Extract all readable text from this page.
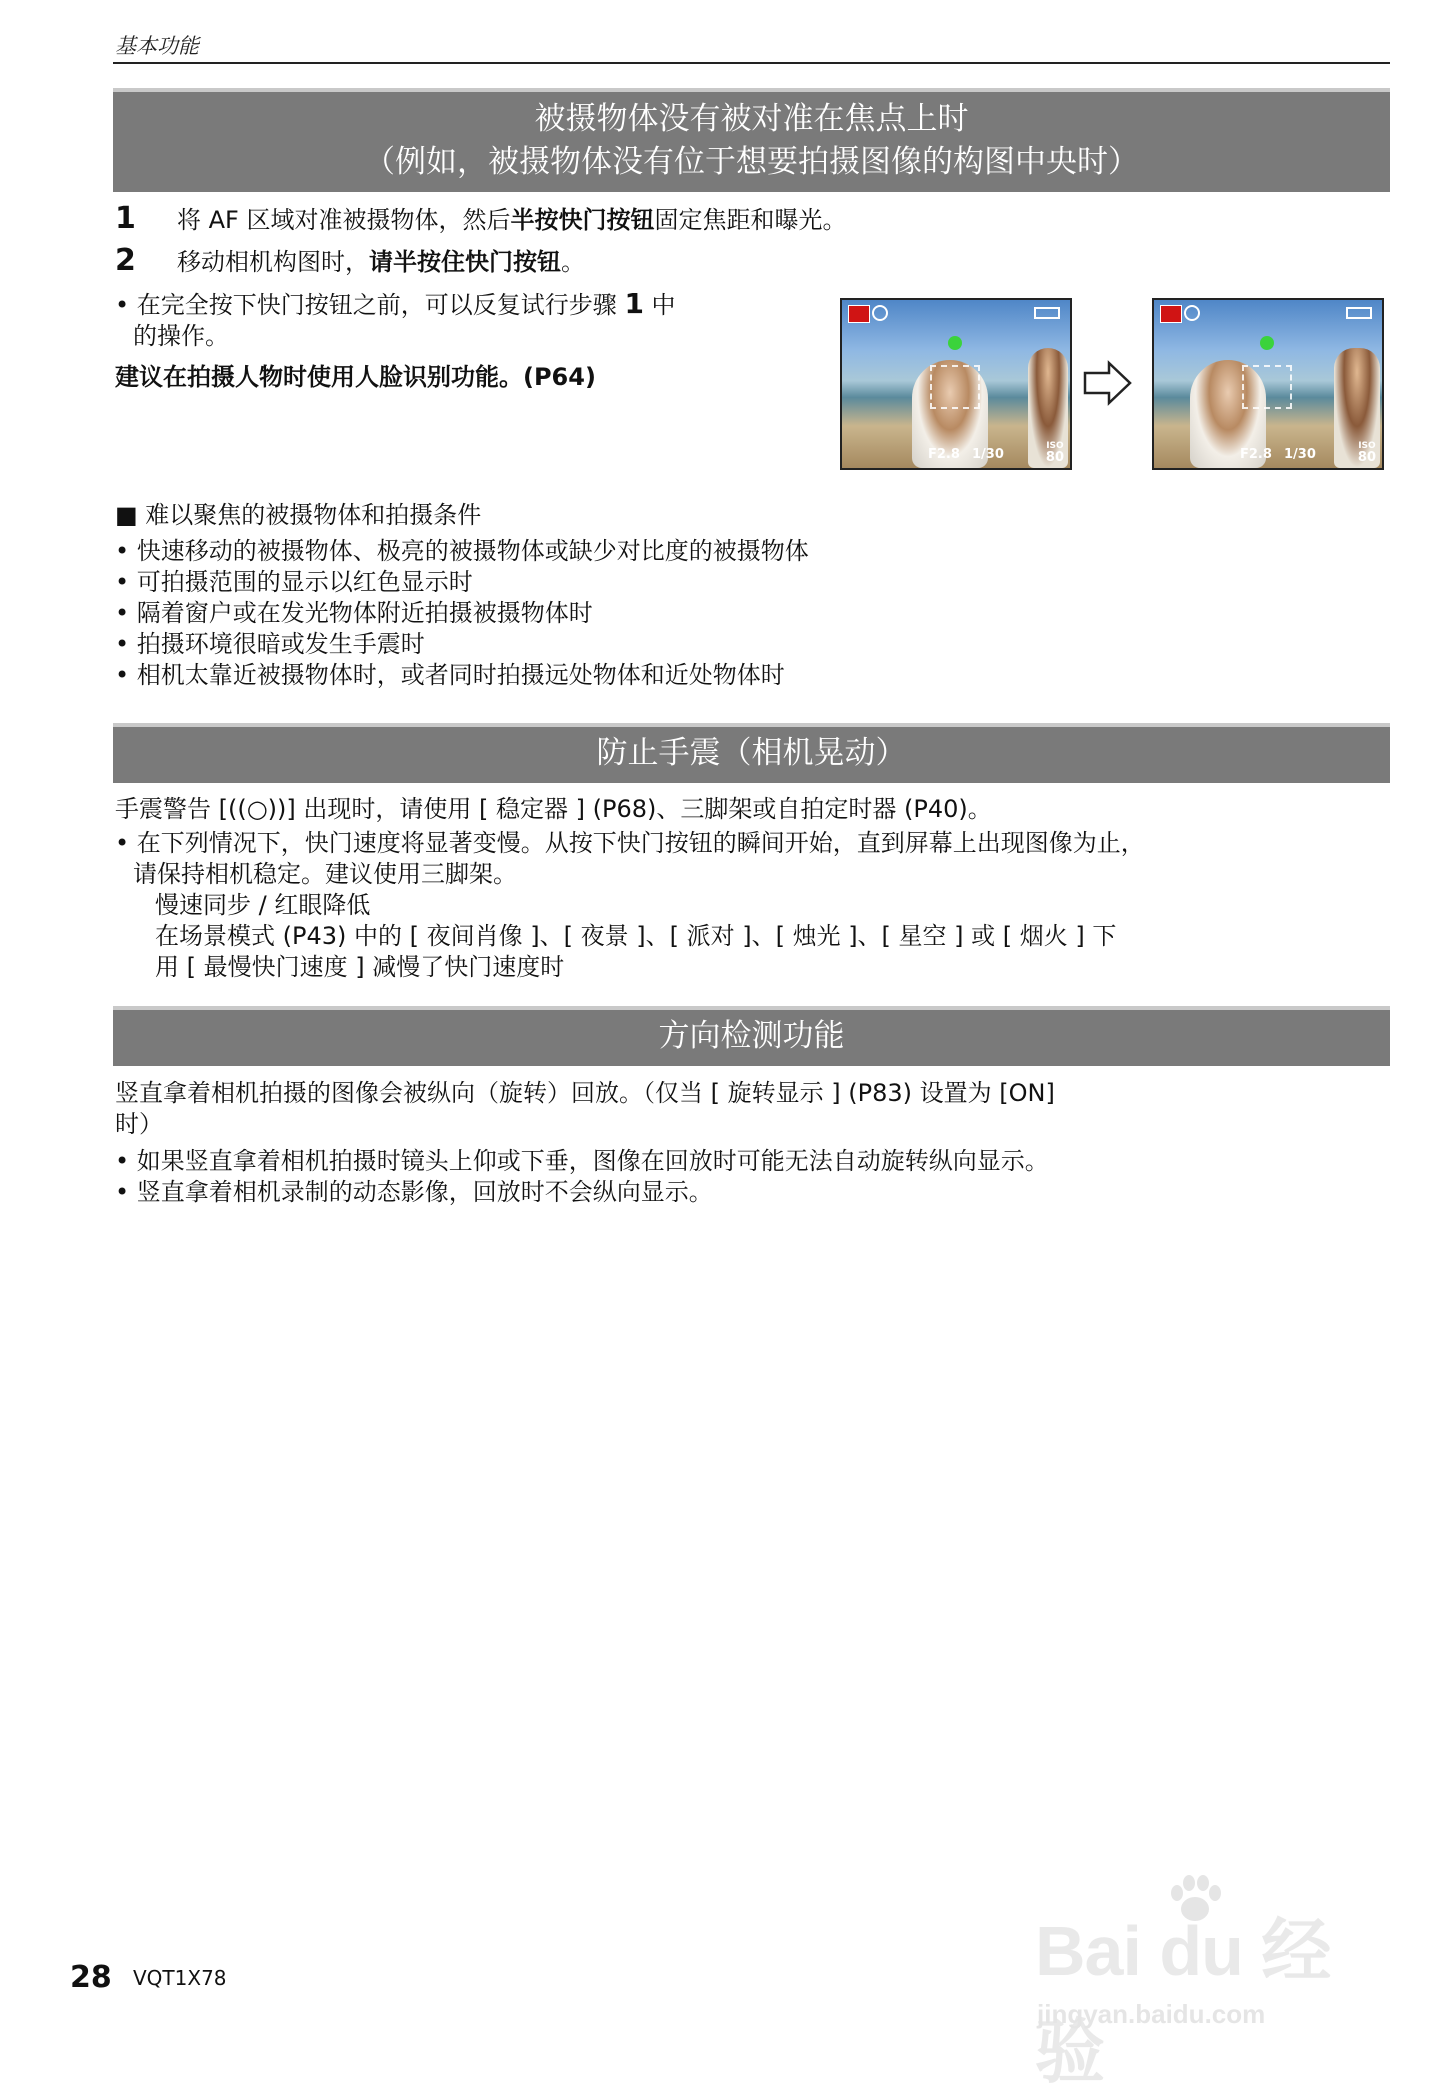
基本功能
被摄物体没有被对准在焦点上时
（例如，被摄物体没有位于想要拍摄图像的构图中央时）
1 将 AF 区域对准被摄物体，然后半按快门按钮固定焦距和曝光。
2 移动相机构图时，请半按住快门按钮。
• 在完全按下快门按钮之前，可以反复试行步骤 1 中
的操作。
建议在拍摄人物时使用人脸识别功能。(P64)
F2.8 1/30
ISO
80	F2.8 1/30
ISO
80
■ 难以聚焦的被摄物体和拍摄条件
• 快速移动的被摄物体、极亮的被摄物体或缺少对比度的被摄物体
• 可拍摄范围的显示以红色显示时
• 隔着窗户或在发光物体附近拍摄被摄物体时
• 拍摄环境很暗或发生手震时
• 相机太靠近被摄物体时，或者同时拍摄远处物体和近处物体时
防止手震（相机晃动）
手震警告 [((○))] 出现时，请使用 [ 稳定器 ] (P68)、三脚架或自拍定时器 (P40)。
• 在下列情况下，快门速度将显著变慢。从按下快门按钮的瞬间开始，直到屏幕上出现图像为止，
请保持相机稳定。建议使用三脚架。
慢速同步 / 红眼降低
在场景模式 (P43) 中的 [ 夜间肖像 ]、[ 夜景 ]、[ 派对 ]、[ 烛光 ]、[ 星空 ] 或 [ 烟火 ] 下
用 [ 最慢快门速度 ] 减慢了快门速度时
方向检测功能
竖直拿着相机拍摄的图像会被纵向（旋转）回放。（仅当 [ 旋转显示 ] (P83) 设置为 [ON]
时）
• 如果竖直拿着相机拍摄时镜头上仰或下垂，图像在回放时可能无法自动旋转纵向显示。
• 竖直拿着相机录制的动态影像，回放时不会纵向显示。
28 VQT1X78	Bai du 经验
jingyan.baidu.com
